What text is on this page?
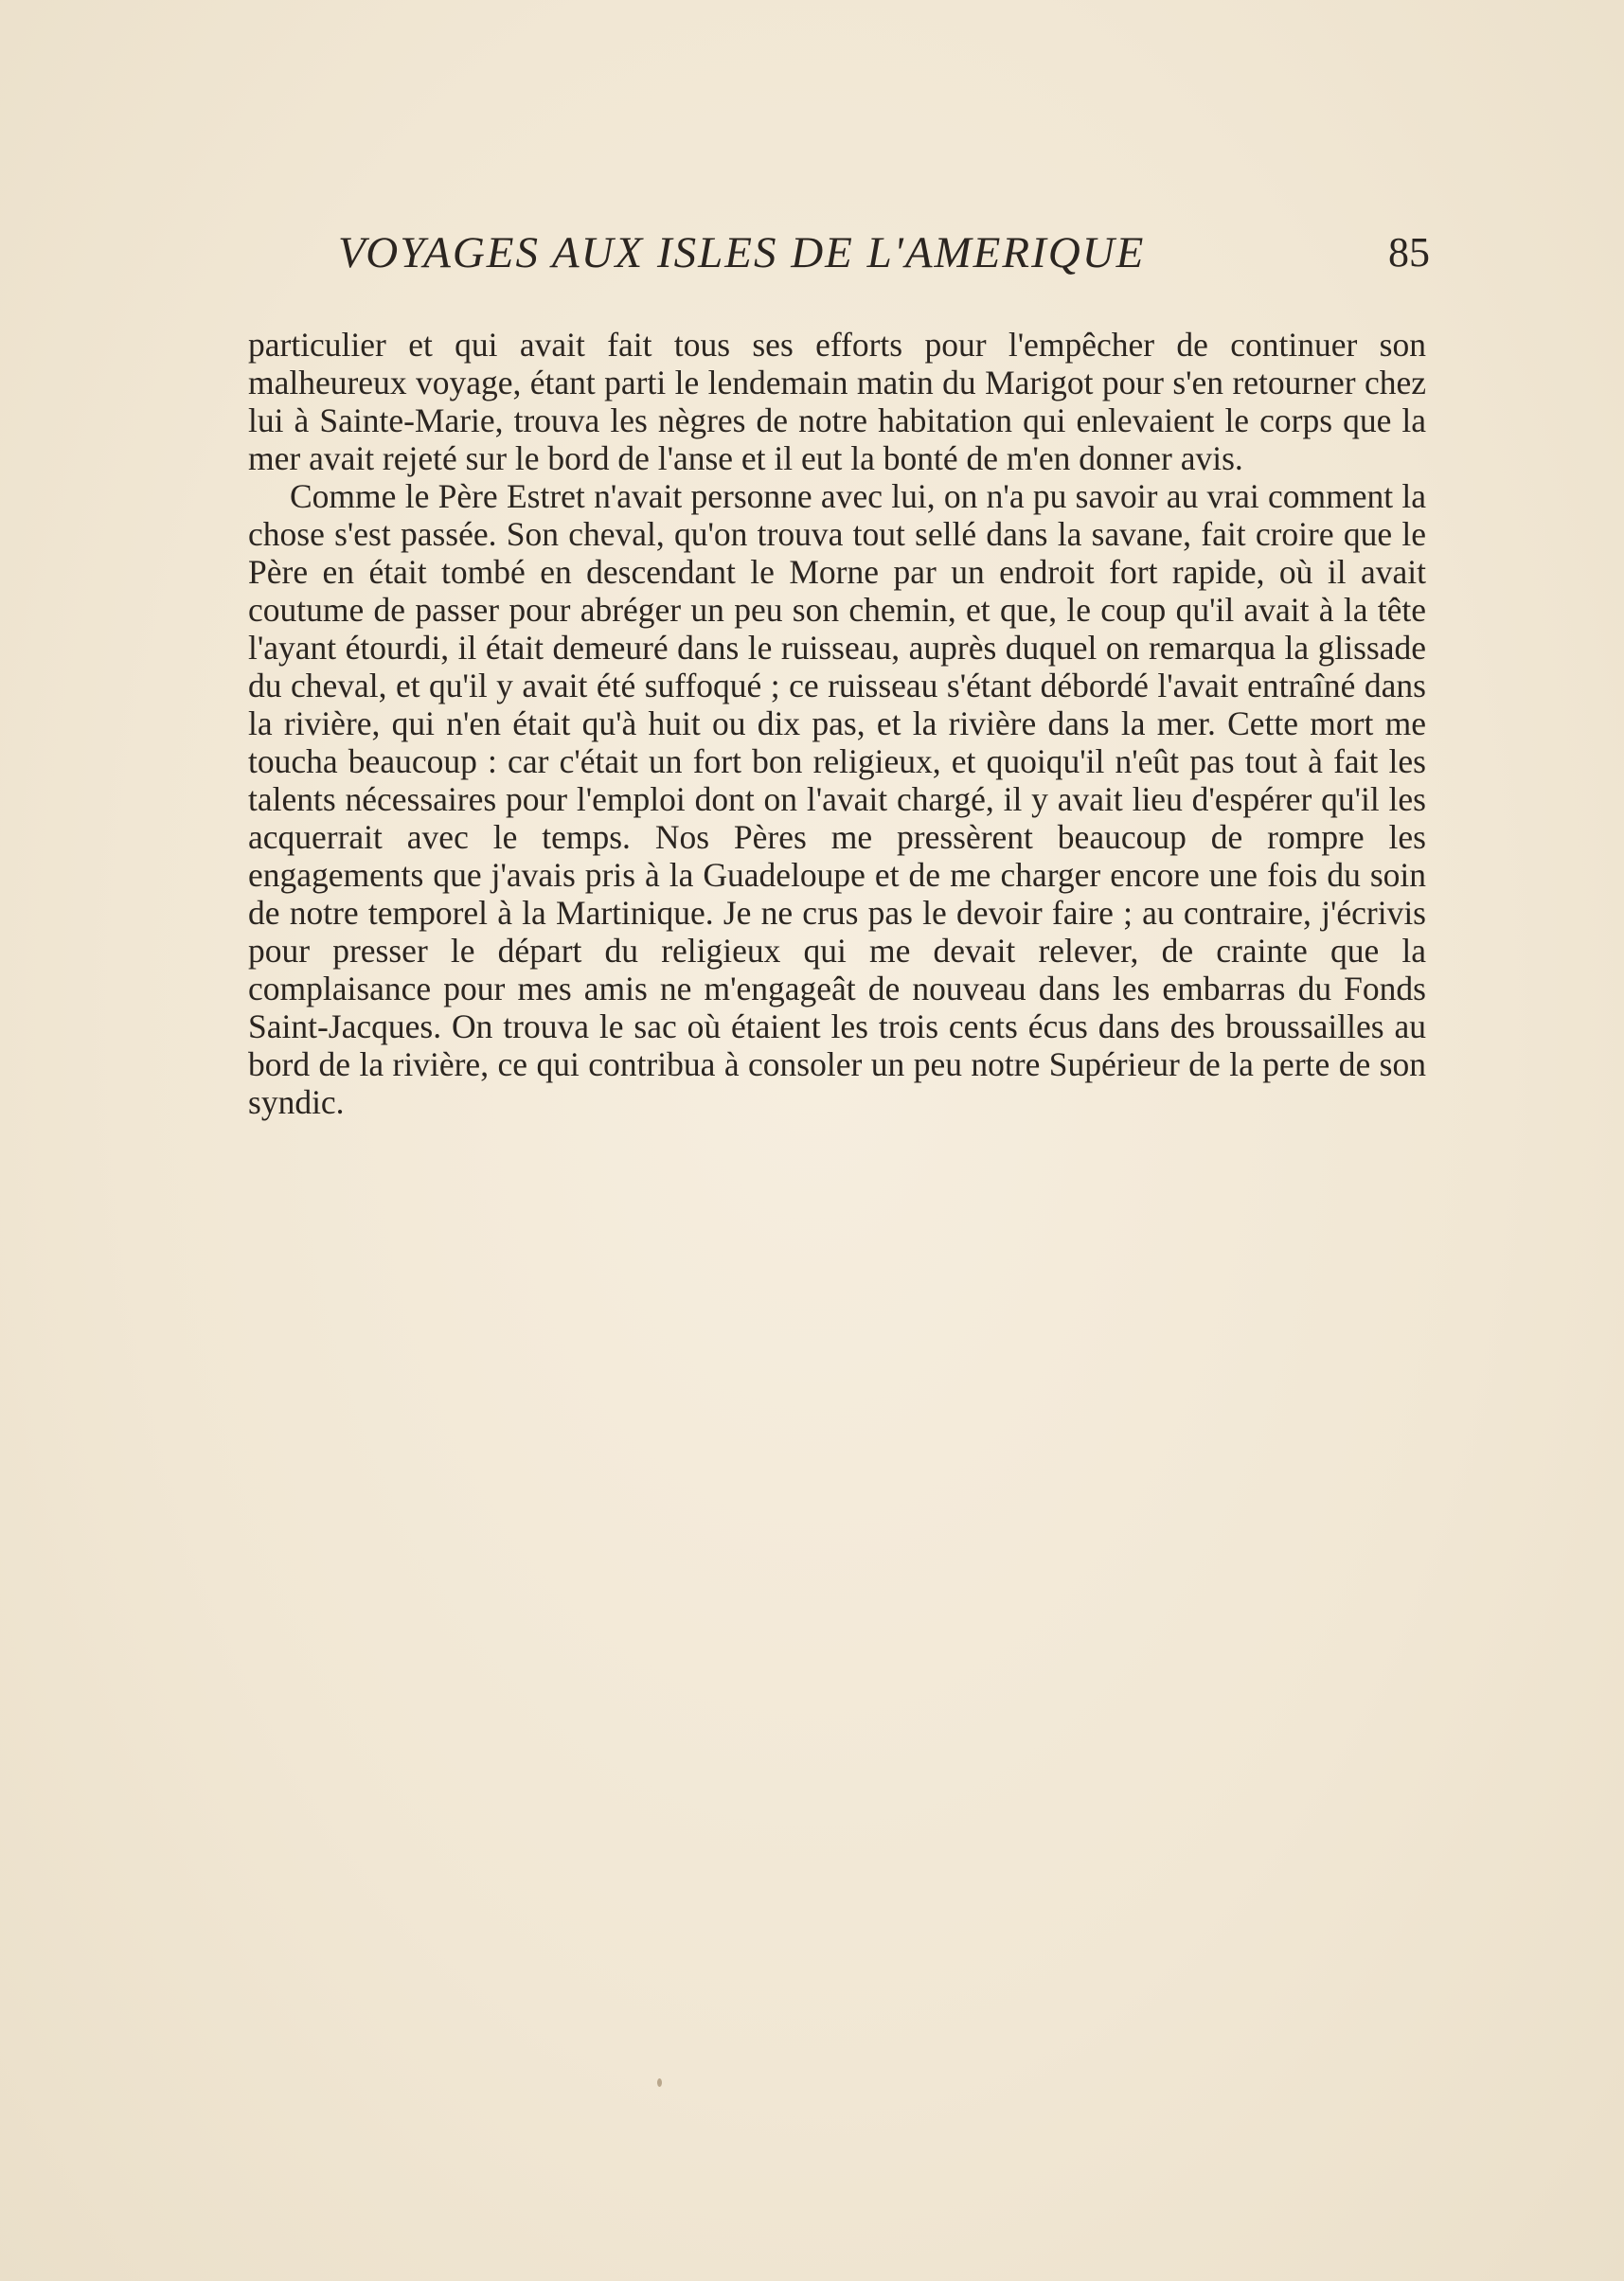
VOYAGES AUX ISLES DE L'AMERIQUE	85

particulier et qui avait fait tous ses efforts pour l'empêcher de continuer son malheureux voyage, étant parti le lendemain matin du Marigot pour s'en retourner chez lui à Sainte-Marie, trouva les nègres de notre habitation qui enlevaient le corps que la mer avait rejeté sur le bord de l'anse et il eut la bonté de m'en donner avis.

Comme le Père Estret n'avait personne avec lui, on n'a pu savoir au vrai comment la chose s'est passée. Son cheval, qu'on trouva tout sellé dans la savane, fait croire que le Père en était tombé en descendant le Morne par un endroit fort rapide, où il avait coutume de passer pour abréger un peu son chemin, et que, le coup qu'il avait à la tête l'ayant étourdi, il était demeuré dans le ruisseau, auprès duquel on remarqua la glissade du cheval, et qu'il y avait été suffoqué ; ce ruisseau s'étant débordé l'avait entraîné dans la rivière, qui n'en était qu'à huit ou dix pas, et la rivière dans la mer. Cette mort me toucha beaucoup : car c'était un fort bon religieux, et quoiqu'il n'eût pas tout à fait les talents nécessaires pour l'emploi dont on l'avait chargé, il y avait lieu d'espérer qu'il les acquerrait avec le temps. Nos Pères me pressèrent beaucoup de rompre les engagements que j'avais pris à la Guadeloupe et de me charger encore une fois du soin de notre temporel à la Martinique. Je ne crus pas le devoir faire ; au contraire, j'écrivis pour presser le départ du religieux qui me devait relever, de crainte que la complaisance pour mes amis ne m'engageât de nouveau dans les embarras du Fonds Saint-Jacques. On trouva le sac où étaient les trois cents écus dans des broussailles au bord de la rivière, ce qui contribua à consoler un peu notre Supérieur de la perte de son syndic.
